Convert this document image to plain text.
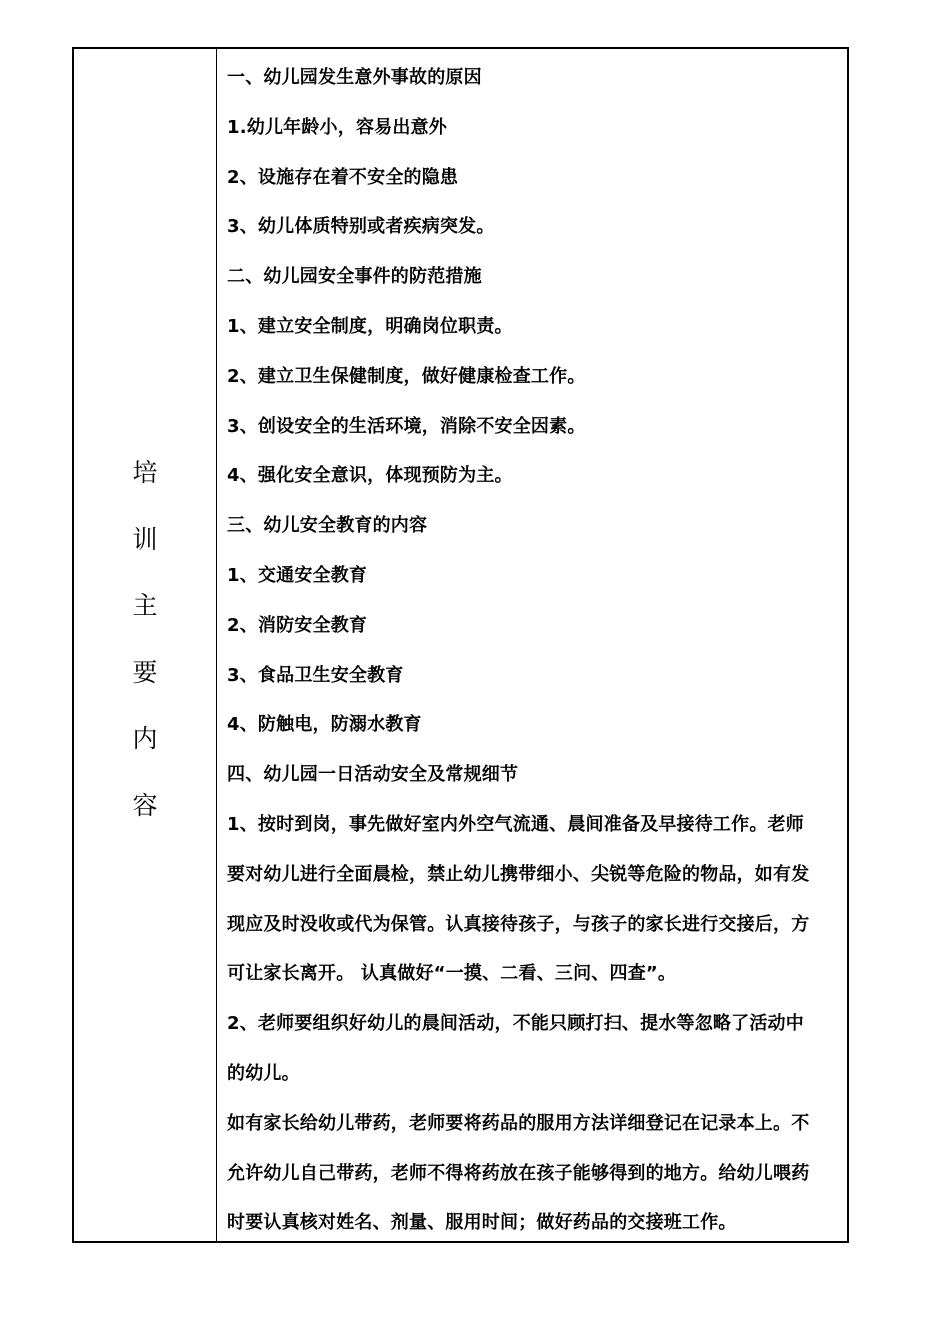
培
训
主
要
内
容
一、幼儿园发生意外事故的原因
1.幼儿年龄小，容易出意外
2、设施存在着不安全的隐患
3、幼儿体质特别或者疾病突发。
二、幼儿园安全事件的防范措施
1、建立安全制度，明确岗位职责。
2、建立卫生保健制度，做好健康检查工作。
3、创设安全的生活环境，消除不安全因素。
4、强化安全意识，体现预防为主。
三、幼儿安全教育的内容
1、交通安全教育
2、消防安全教育
3、食品卫生安全教育
4、防触电，防溺水教育
四、幼儿园一日活动安全及常规细节
1、按时到岗，事先做好室内外空气流通、晨间准备及早接待工作。老师
要对幼儿进行全面晨检，禁止幼儿携带细小、尖锐等危险的物品，如有发
现应及时没收或代为保管。认真接待孩子，与孩子的家长进行交接后，方
可让家长离开。 认真做好“一摸、二看、三问、四查”。
2、老师要组织好幼儿的晨间活动，不能只顾打扫、提水等忽略了活动中
的幼儿。
如有家长给幼儿带药，老师要将药品的服用方法详细登记在记录本上。不
允许幼儿自己带药，老师不得将药放在孩子能够得到的地方。给幼儿喂药
时要认真核对姓名、剂量、服用时间；做好药品的交接班工作。
